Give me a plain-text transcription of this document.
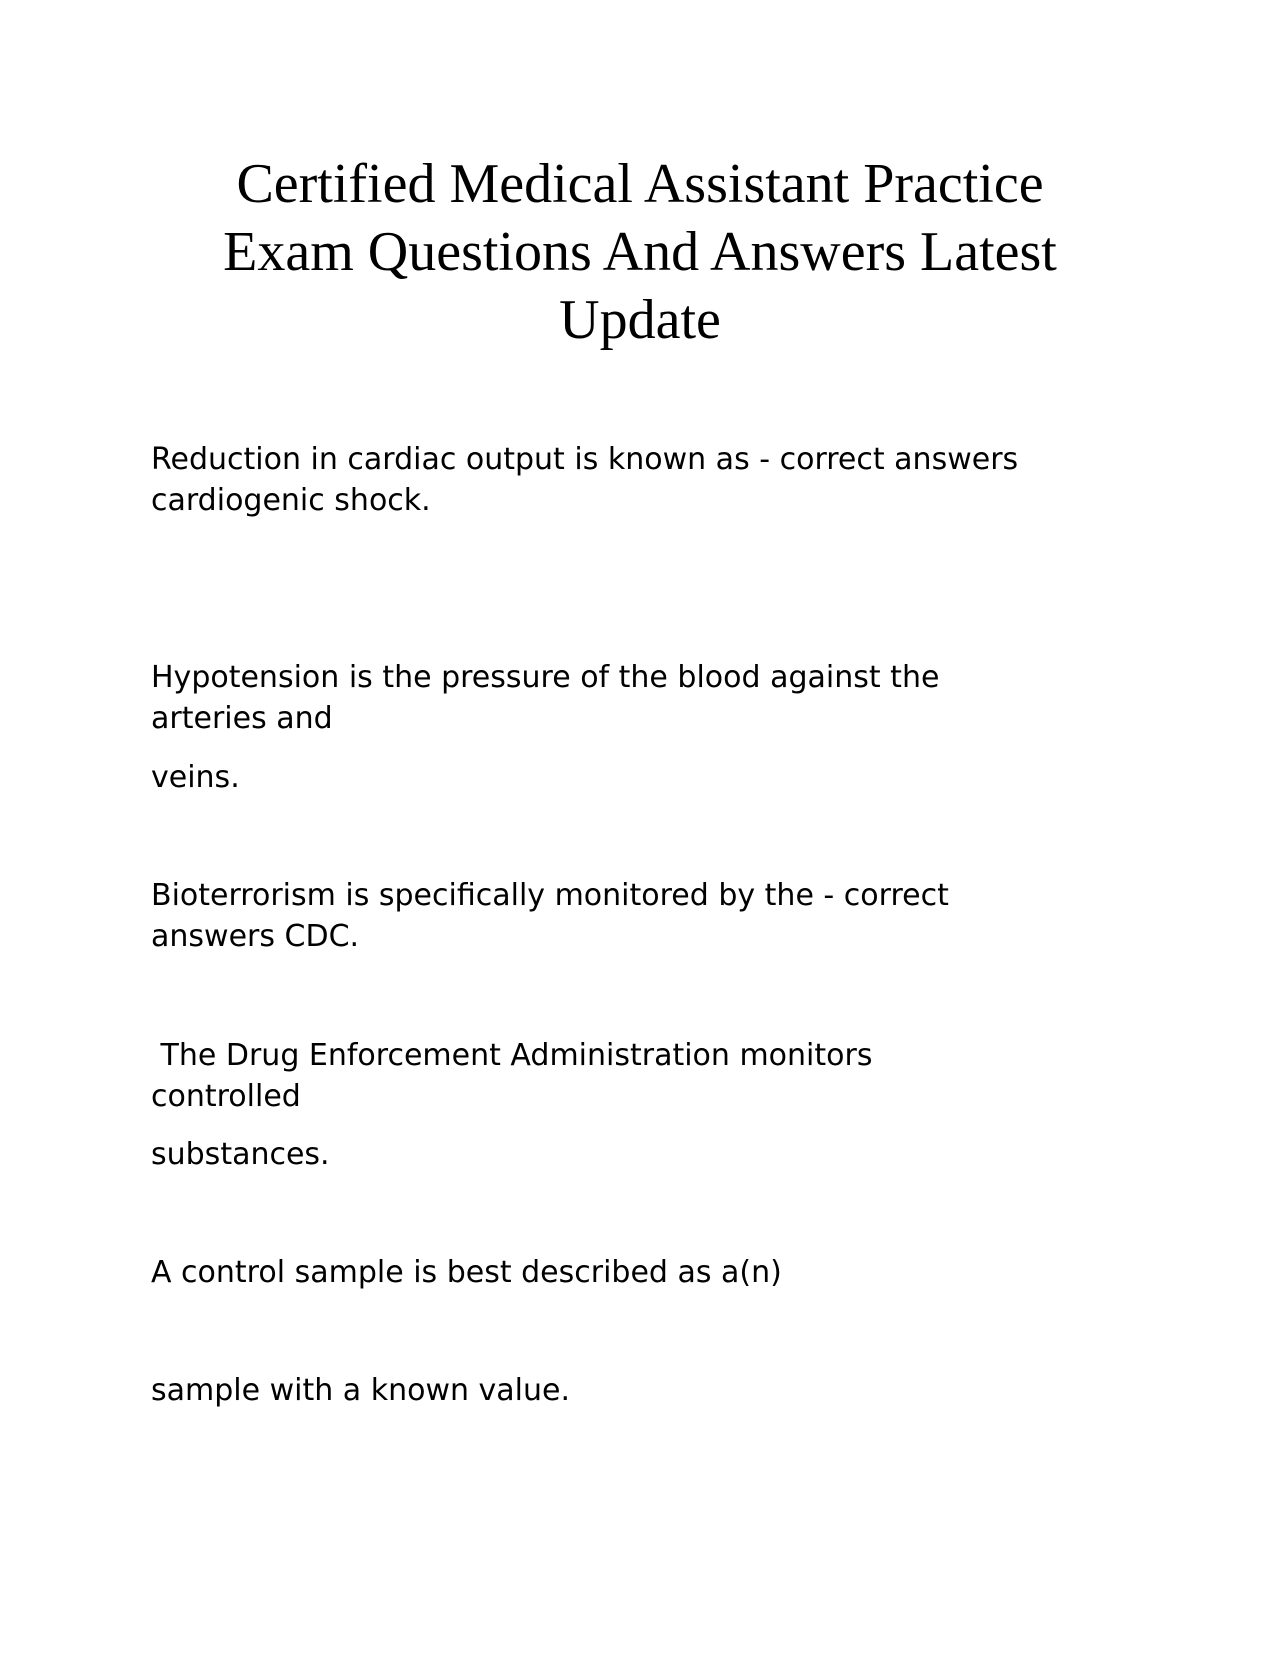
Certified Medical Assistant Practice
Exam Questions And Answers Latest
Update

Reduction in cardiac output is known as - correct answers

cardiogenic shock.

Hypotension is the pressure of the blood against the

arteries and

veins.

Bioterrorism is specifically monitored by the - correct

answers CDC.

The Drug Enforcement Administration monitors

controlled

substances.

A control sample is best described as a(n)

sample with a known value.
